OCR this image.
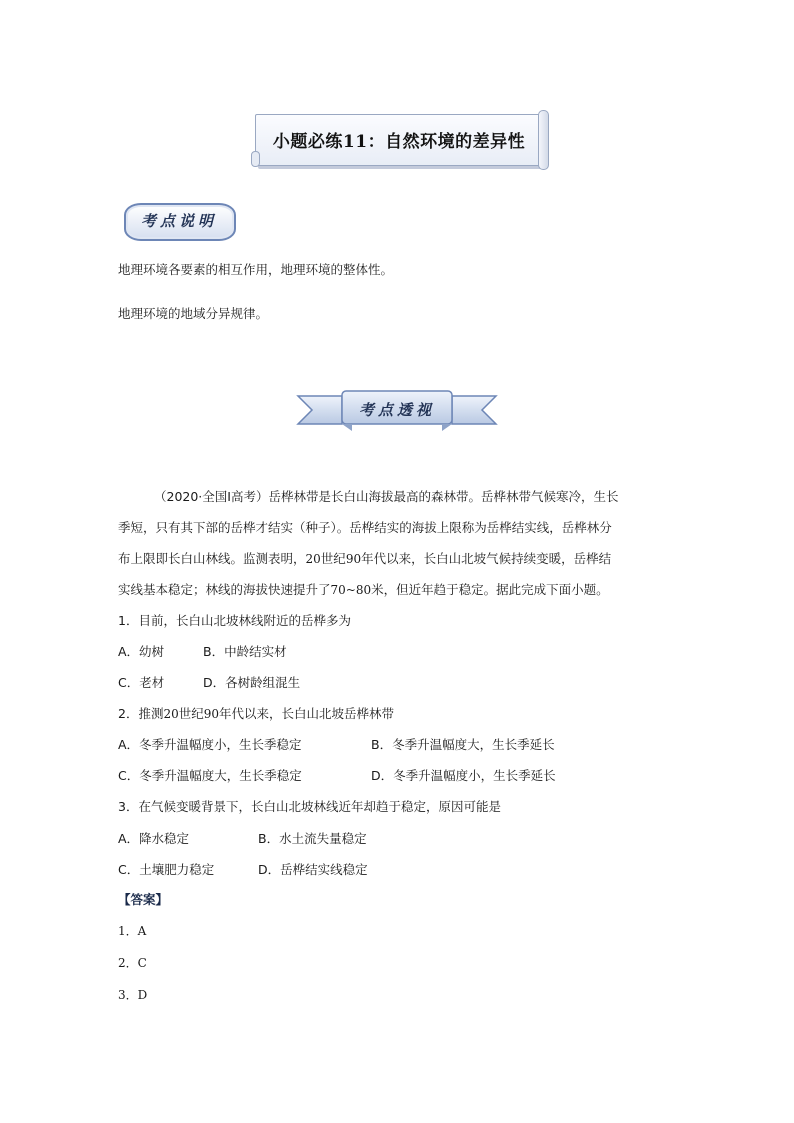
小题必练11：自然环境的差异性
考点说明
地理环境各要素的相互作用，地理环境的整体性。
地理环境的地域分异规律。
考点透视
（2020·全国Ⅰ高考）岳桦林带是长白山海拔最高的森林带。岳桦林带气候寒冷，生长
季短，只有其下部的岳桦才结实（种子）。岳桦结实的海拔上限称为岳桦结实线，岳桦林分
布上限即长白山林线。监测表明，20世纪90年代以来，长白山北坡气候持续变暖，岳桦结
实线基本稳定；林线的海拔快速提升了70~80米，但近年趋于稳定。据此完成下面小题。
1．目前，长白山北坡林线附近的岳桦多为
A．幼树	B．中龄结实材
C．老材	D．各树龄组混生
2．推测20世纪90年代以来，长白山北坡岳桦林带
A．冬季升温幅度小，生长季稳定	B．冬季升温幅度大，生长季延长
C．冬季升温幅度大，生长季稳定	D．冬季升温幅度小，生长季延长
3．在气候变暖背景下，长白山北坡林线近年却趋于稳定，原因可能是
A．降水稳定	B．水土流失量稳定
C．土壤肥力稳定	D．岳桦结实线稳定
【答案】
1．A
2．C
3．D
